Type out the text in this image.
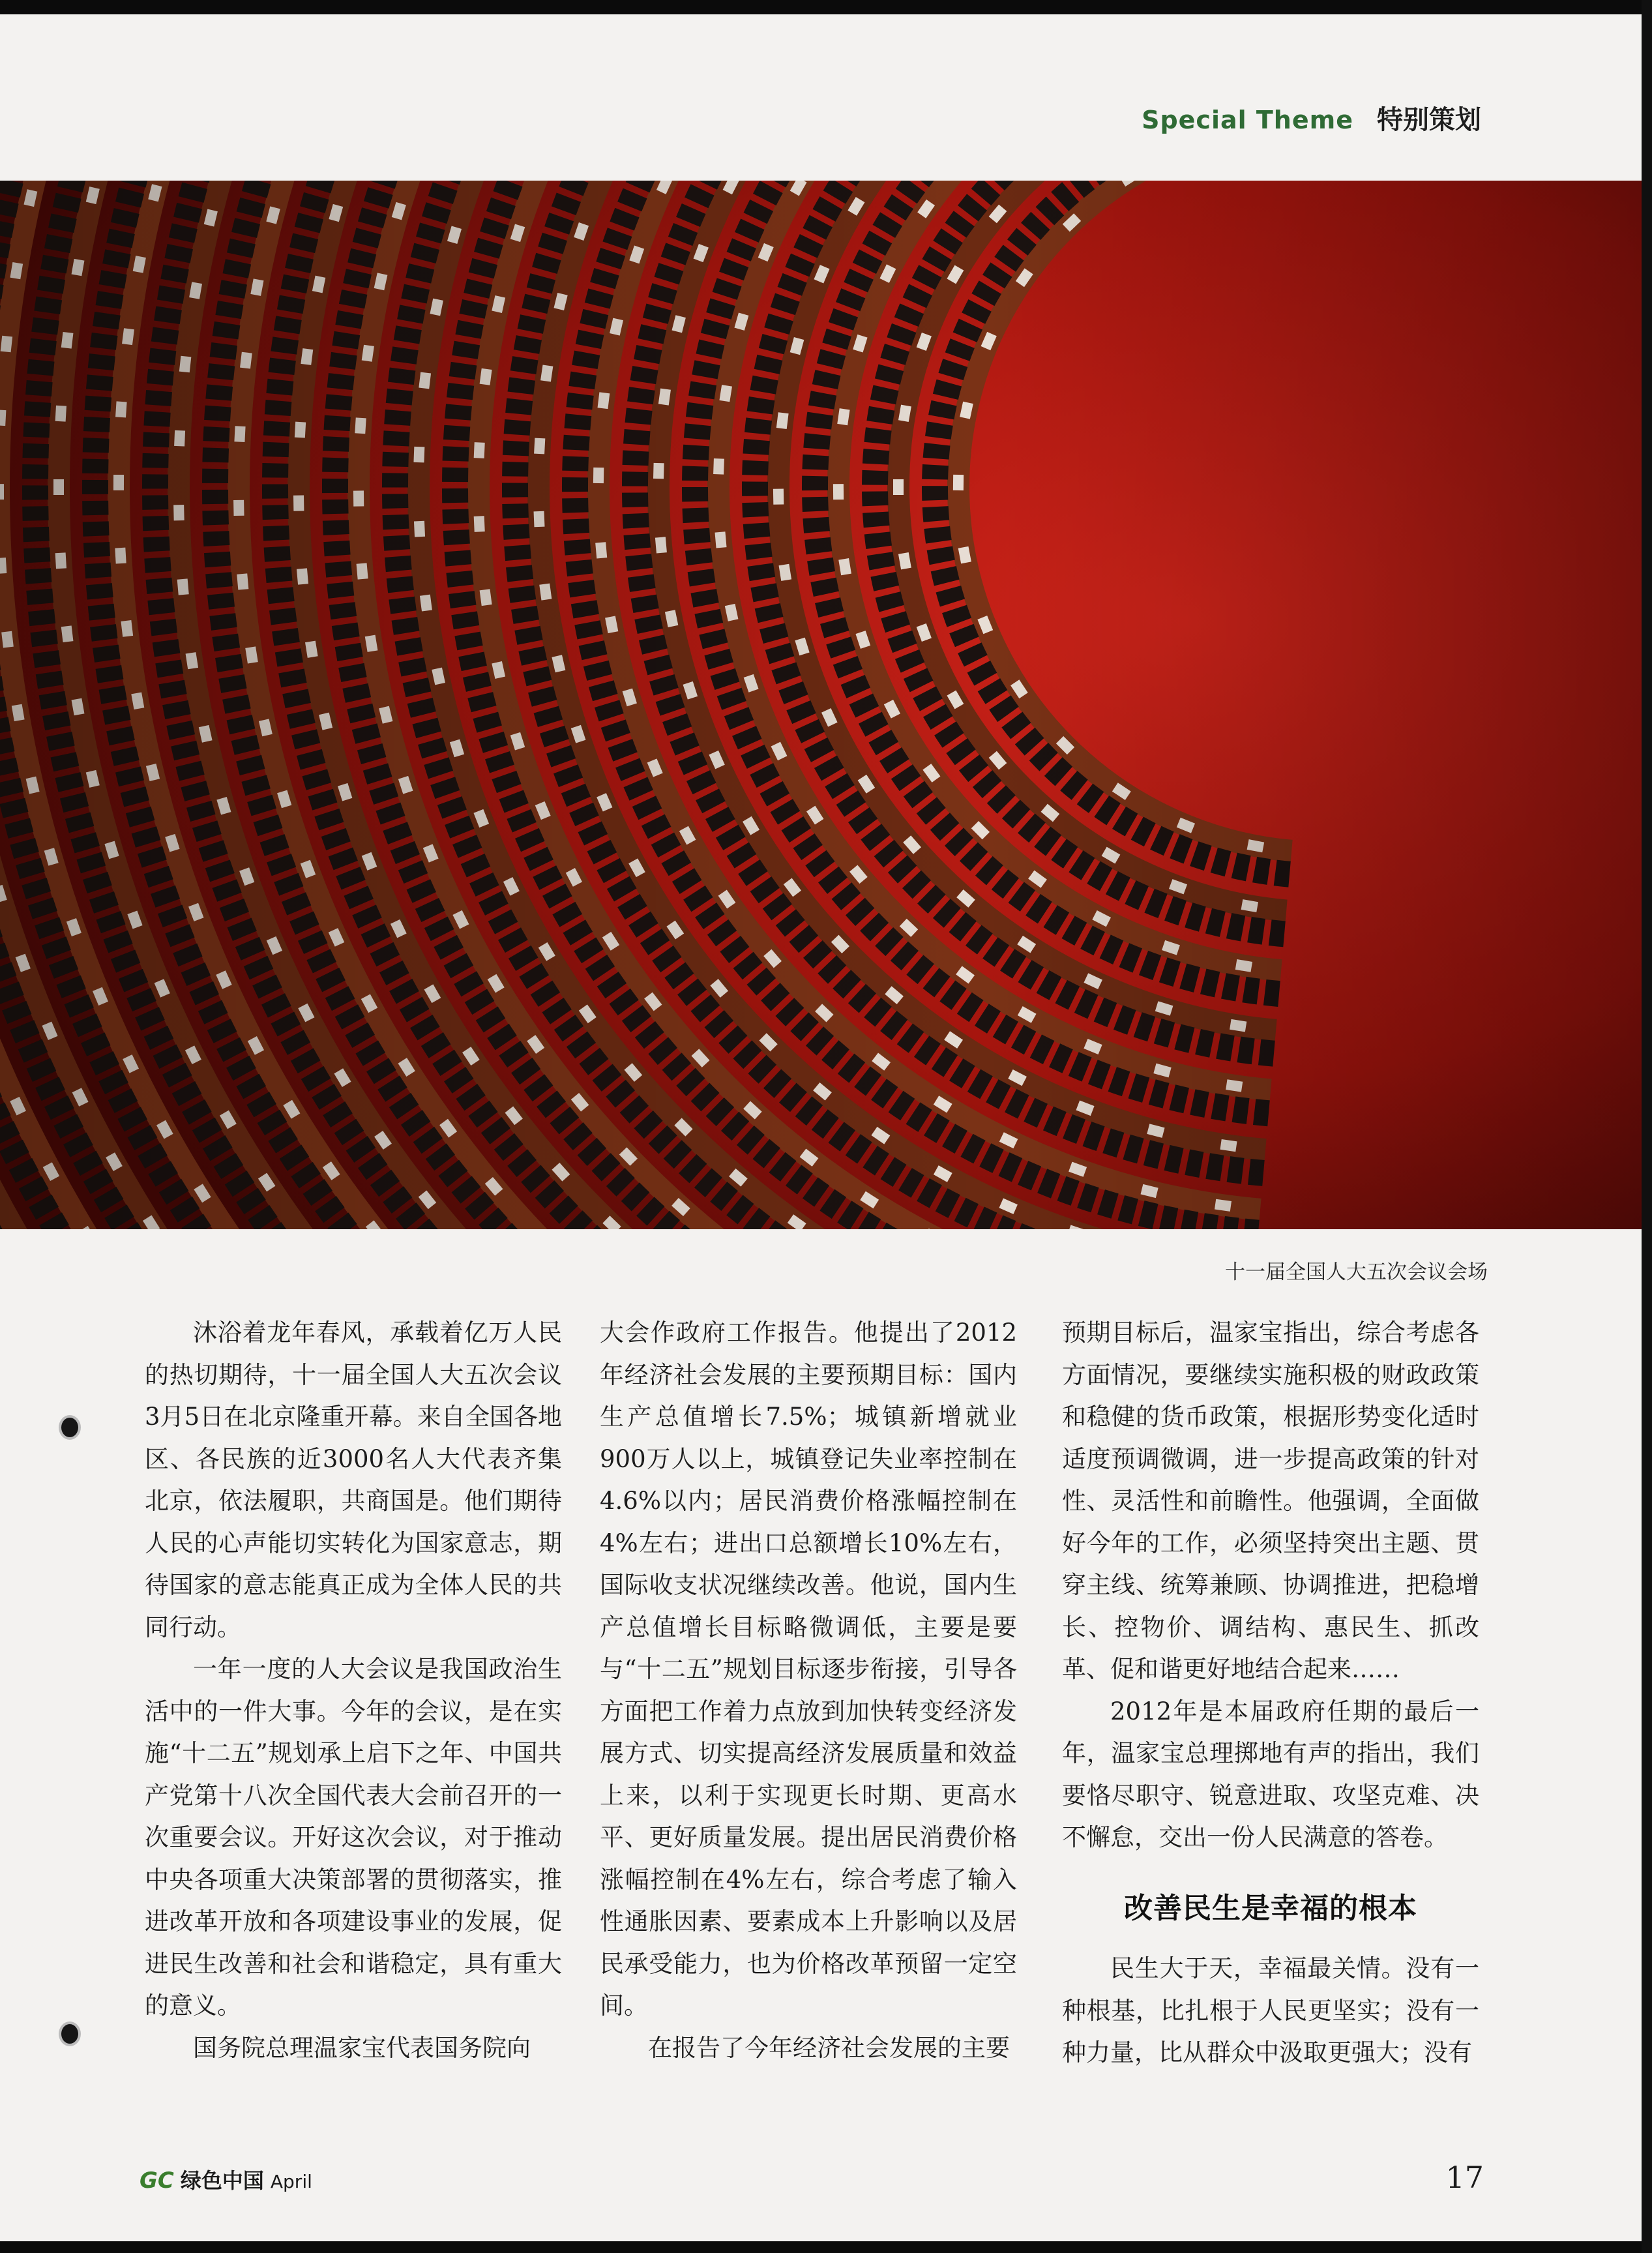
Special Theme 特别策划
十一届全国人大五次会议会场

沐浴着龙年春风，承载着亿万人民的热切期待，十一届全国人大五次会议3月5日在北京隆重开幕。来自全国各地区、各民族的近3000名人大代表齐集北京，依法履职，共商国是。他们期待人民的心声能切实转化为国家意志，期待国家的意志能真正成为全体人民的共同行动。

一年一度的人大会议是我国政治生活中的一件大事。今年的会议，是在实施“十二五”规划承上启下之年、中国共产党第十八次全国代表大会前召开的一次重要会议。开好这次会议，对于推动中央各项重大决策部署的贯彻落实，推进改革开放和各项建设事业的发展，促进民生改善和社会和谐稳定，具有重大的意义。

国务院总理温家宝代表国务院向

大会作政府工作报告。他提出了2012年经济社会发展的主要预期目标：国内生产总值增长7.5%；城镇新增就业900万人以上，城镇登记失业率控制在4.6%以内；居民消费价格涨幅控制在4%左右；进出口总额增长10%左右，国际收支状况继续改善。他说，国内生产总值增长目标略微调低，主要是要与“十二五”规划目标逐步衔接，引导各方面把工作着力点放到加快转变经济发展方式、切实提高经济发展质量和效益上来，以利于实现更长时期、更高水平、更好质量发展。提出居民消费价格涨幅控制在4%左右，综合考虑了输入性通胀因素、要素成本上升影响以及居民承受能力，也为价格改革预留一定空间。

在报告了今年经济社会发展的主要

预期目标后，温家宝指出，综合考虑各方面情况，要继续实施积极的财政政策和稳健的货币政策，根据形势变化适时适度预调微调，进一步提高政策的针对性、灵活性和前瞻性。他强调，全面做好今年的工作，必须坚持突出主题、贯穿主线、统筹兼顾、协调推进，把稳增长、控物价、调结构、惠民生、抓改革、促和谐更好地结合起来……

2012年是本届政府任期的最后一年，温家宝总理掷地有声的指出，我们要恪尽职守、锐意进取、攻坚克难、决不懈怠，交出一份人民满意的答卷。

改善民生是幸福的根本

民生大于天，幸福最关情。没有一种根基，比扎根于人民更坚实；没有一种力量，比从群众中汲取更强大；没有

GC 绿色中国 April	17
